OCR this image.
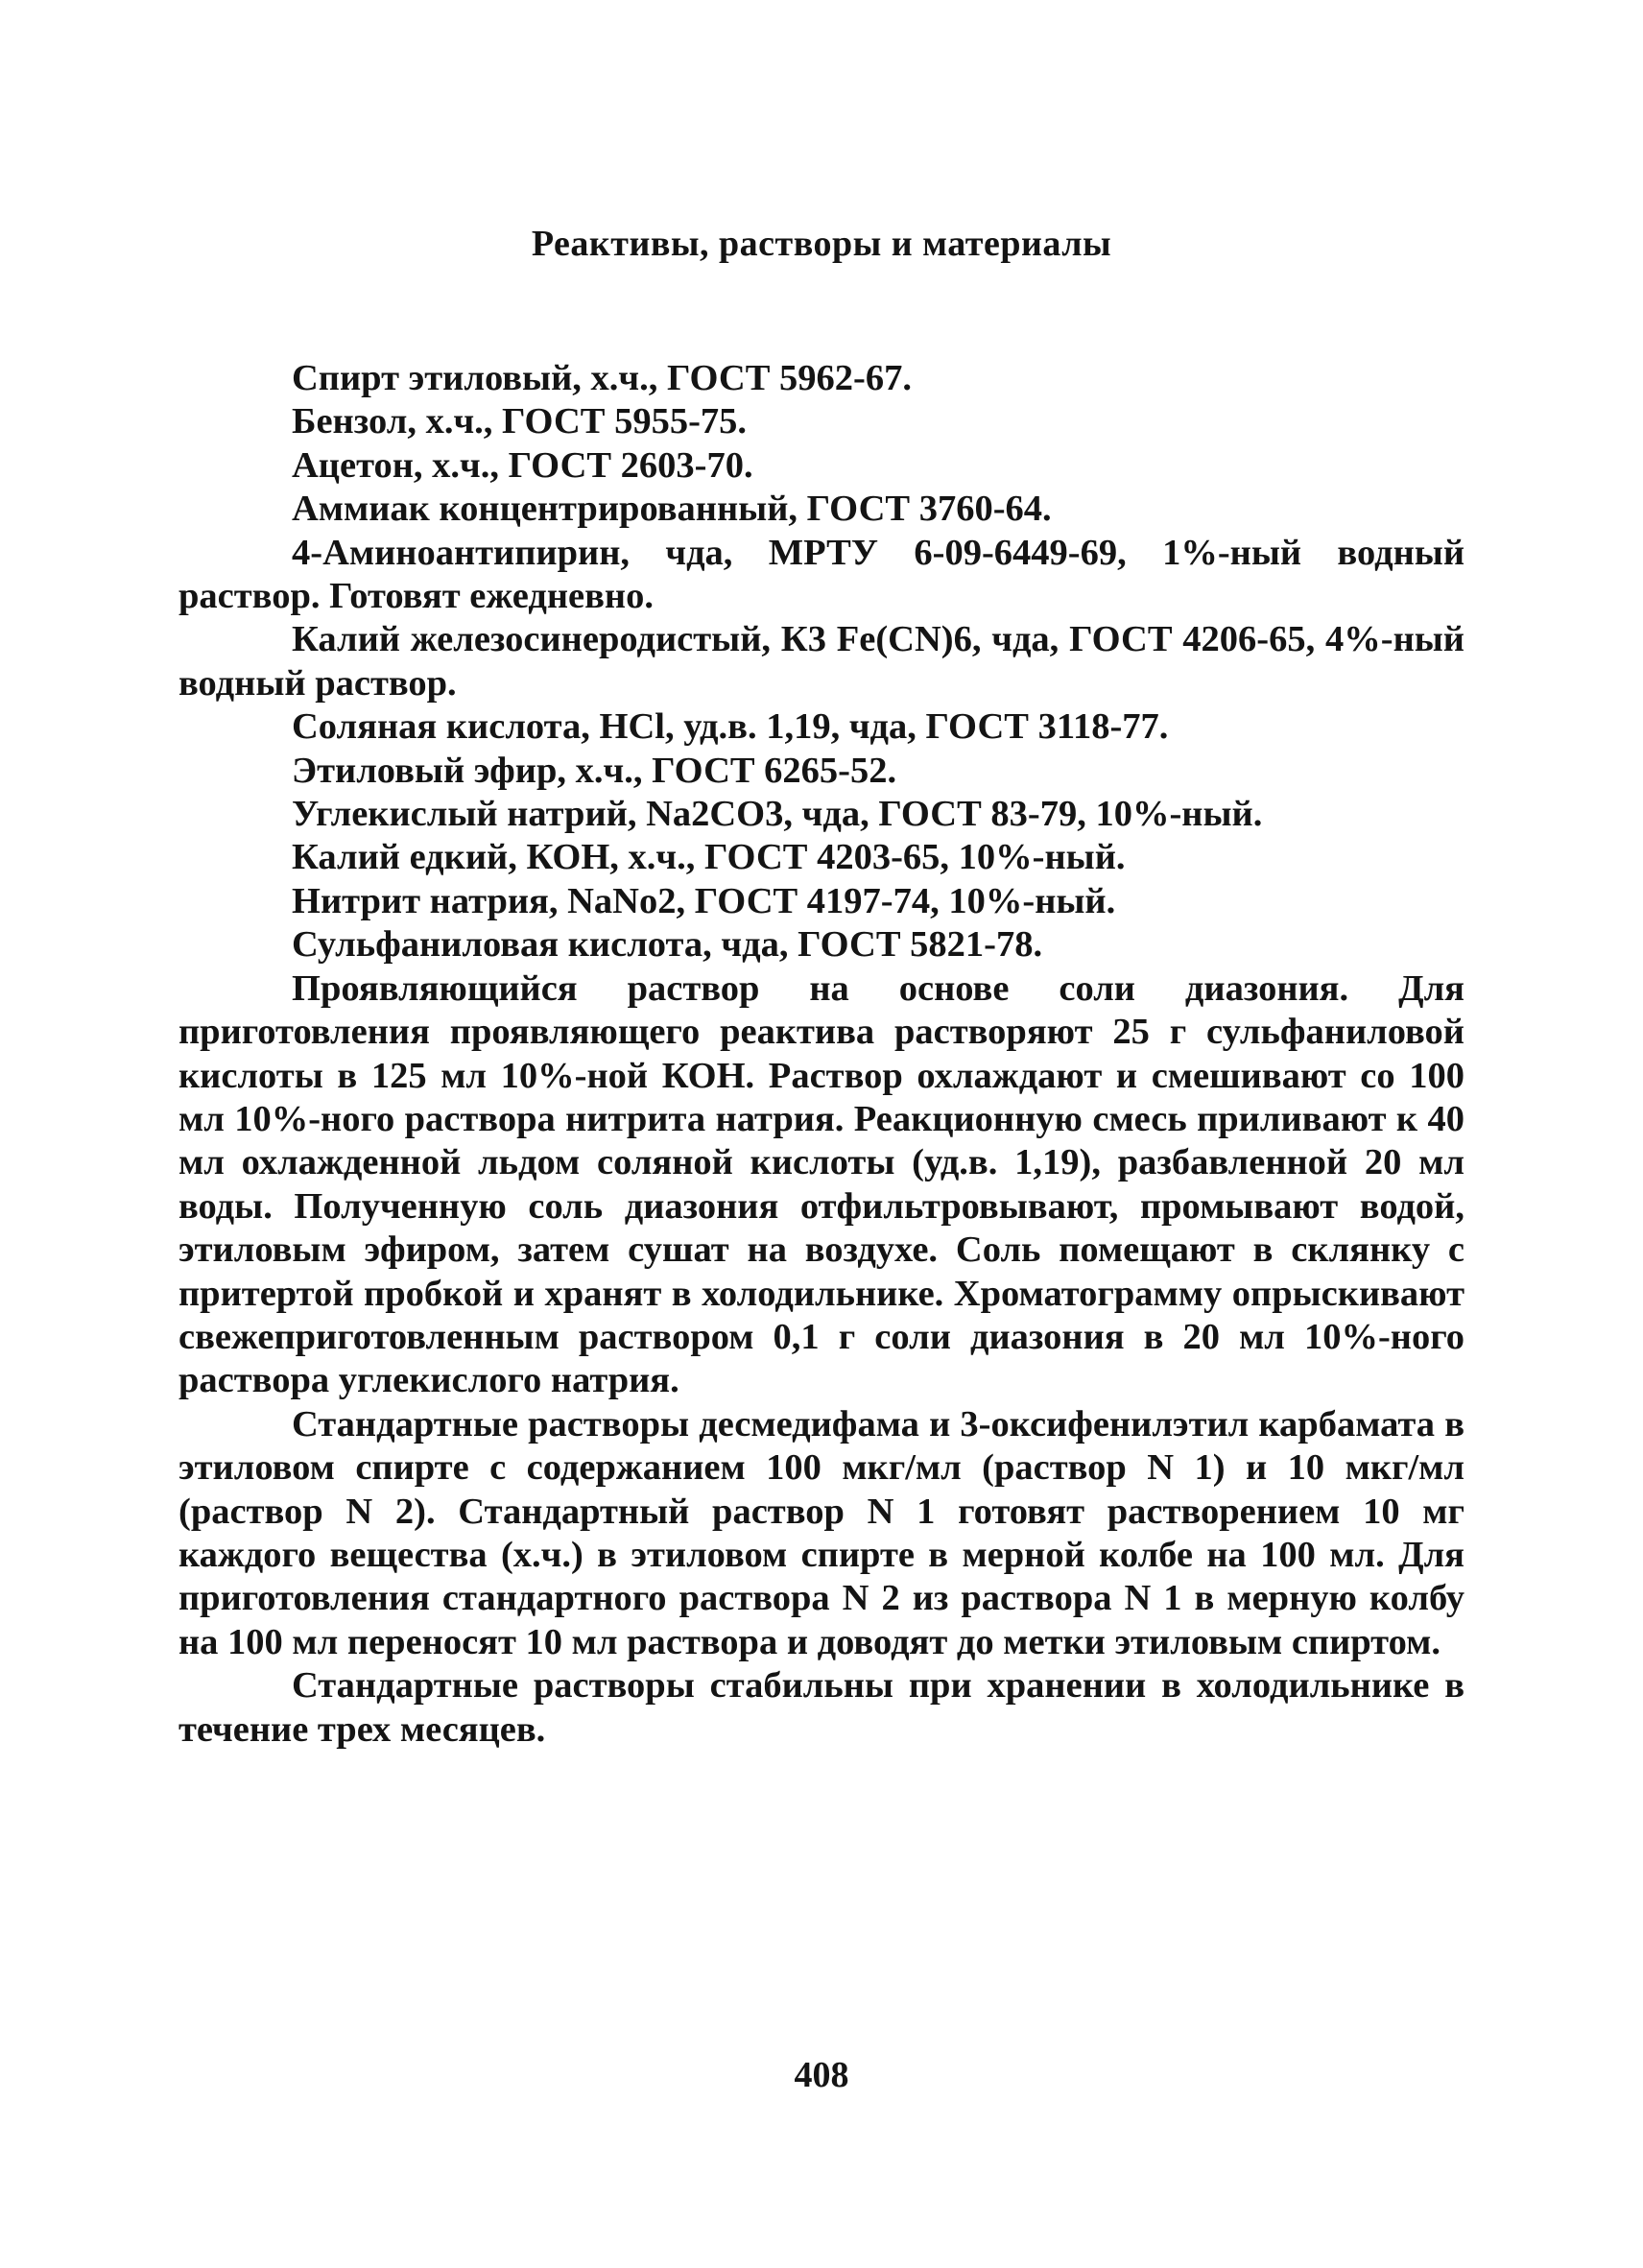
Реактивы, растворы и материалы

Спирт этиловый, х.ч., ГОСТ 5962-67.

Бензол, х.ч., ГОСТ 5955-75.

Ацетон, х.ч., ГОСТ 2603-70.

Аммиак концентрированный, ГОСТ 3760-64.

4-Аминоантипирин, чда, МРТУ 6-09-6449-69, 1%-ный водный раствор. Готовят ежедневно.

Калий железосинеродистый, К3 Fe(CN)6, чда, ГОСТ 4206-65, 4%-ный водный раствор.

Соляная кислота, HCl, уд.в. 1,19, чда, ГОСТ 3118-77.

Этиловый эфир, х.ч., ГОСТ 6265-52.

Углекислый натрий, Na2CO3, чда, ГОСТ 83-79, 10%-ный.

Калий едкий, КОН, х.ч., ГОСТ 4203-65, 10%-ный.

Нитрит натрия, NaNo2, ГОСТ 4197-74, 10%-ный.

Сульфаниловая кислота, чда, ГОСТ 5821-78.

Проявляющийся раствор на основе соли диазония. Для приготовления проявляющего реактива растворяют 25 г сульфаниловой кислоты в 125 мл 10%-ной КОН. Раствор охлаждают и смешивают со 100 мл 10%-ного раствора нитрита натрия. Реакционную смесь приливают к 40 мл охлажденной льдом соляной кислоты (уд.в. 1,19), разбавленной 20 мл воды. Полученную соль диазония отфильтровывают, промывают водой, этиловым эфиром, затем сушат на воздухе. Соль помещают в склянку с притертой пробкой и хранят в холодильнике. Хроматограмму опрыскивают свежеприготовленным раствором 0,1 г соли диазония в 20 мл 10%-ного раствора углекислого натрия.

Стандартные растворы десмедифама и 3-оксифенилэтил карбамата в этиловом спирте с содержанием 100 мкг/мл (раствор N 1) и 10 мкг/мл (раствор N 2). Стандартный раствор N 1 готовят растворением 10 мг каждого вещества (х.ч.) в этиловом спирте в мерной колбе на 100 мл. Для приготовления стандартного раствора N 2 из раствора N 1 в мерную колбу на 100 мл переносят 10 мл раствора и доводят до метки этиловым спиртом.

Стандартные растворы стабильны при хранении в холодильнике в течение трех месяцев.

408
